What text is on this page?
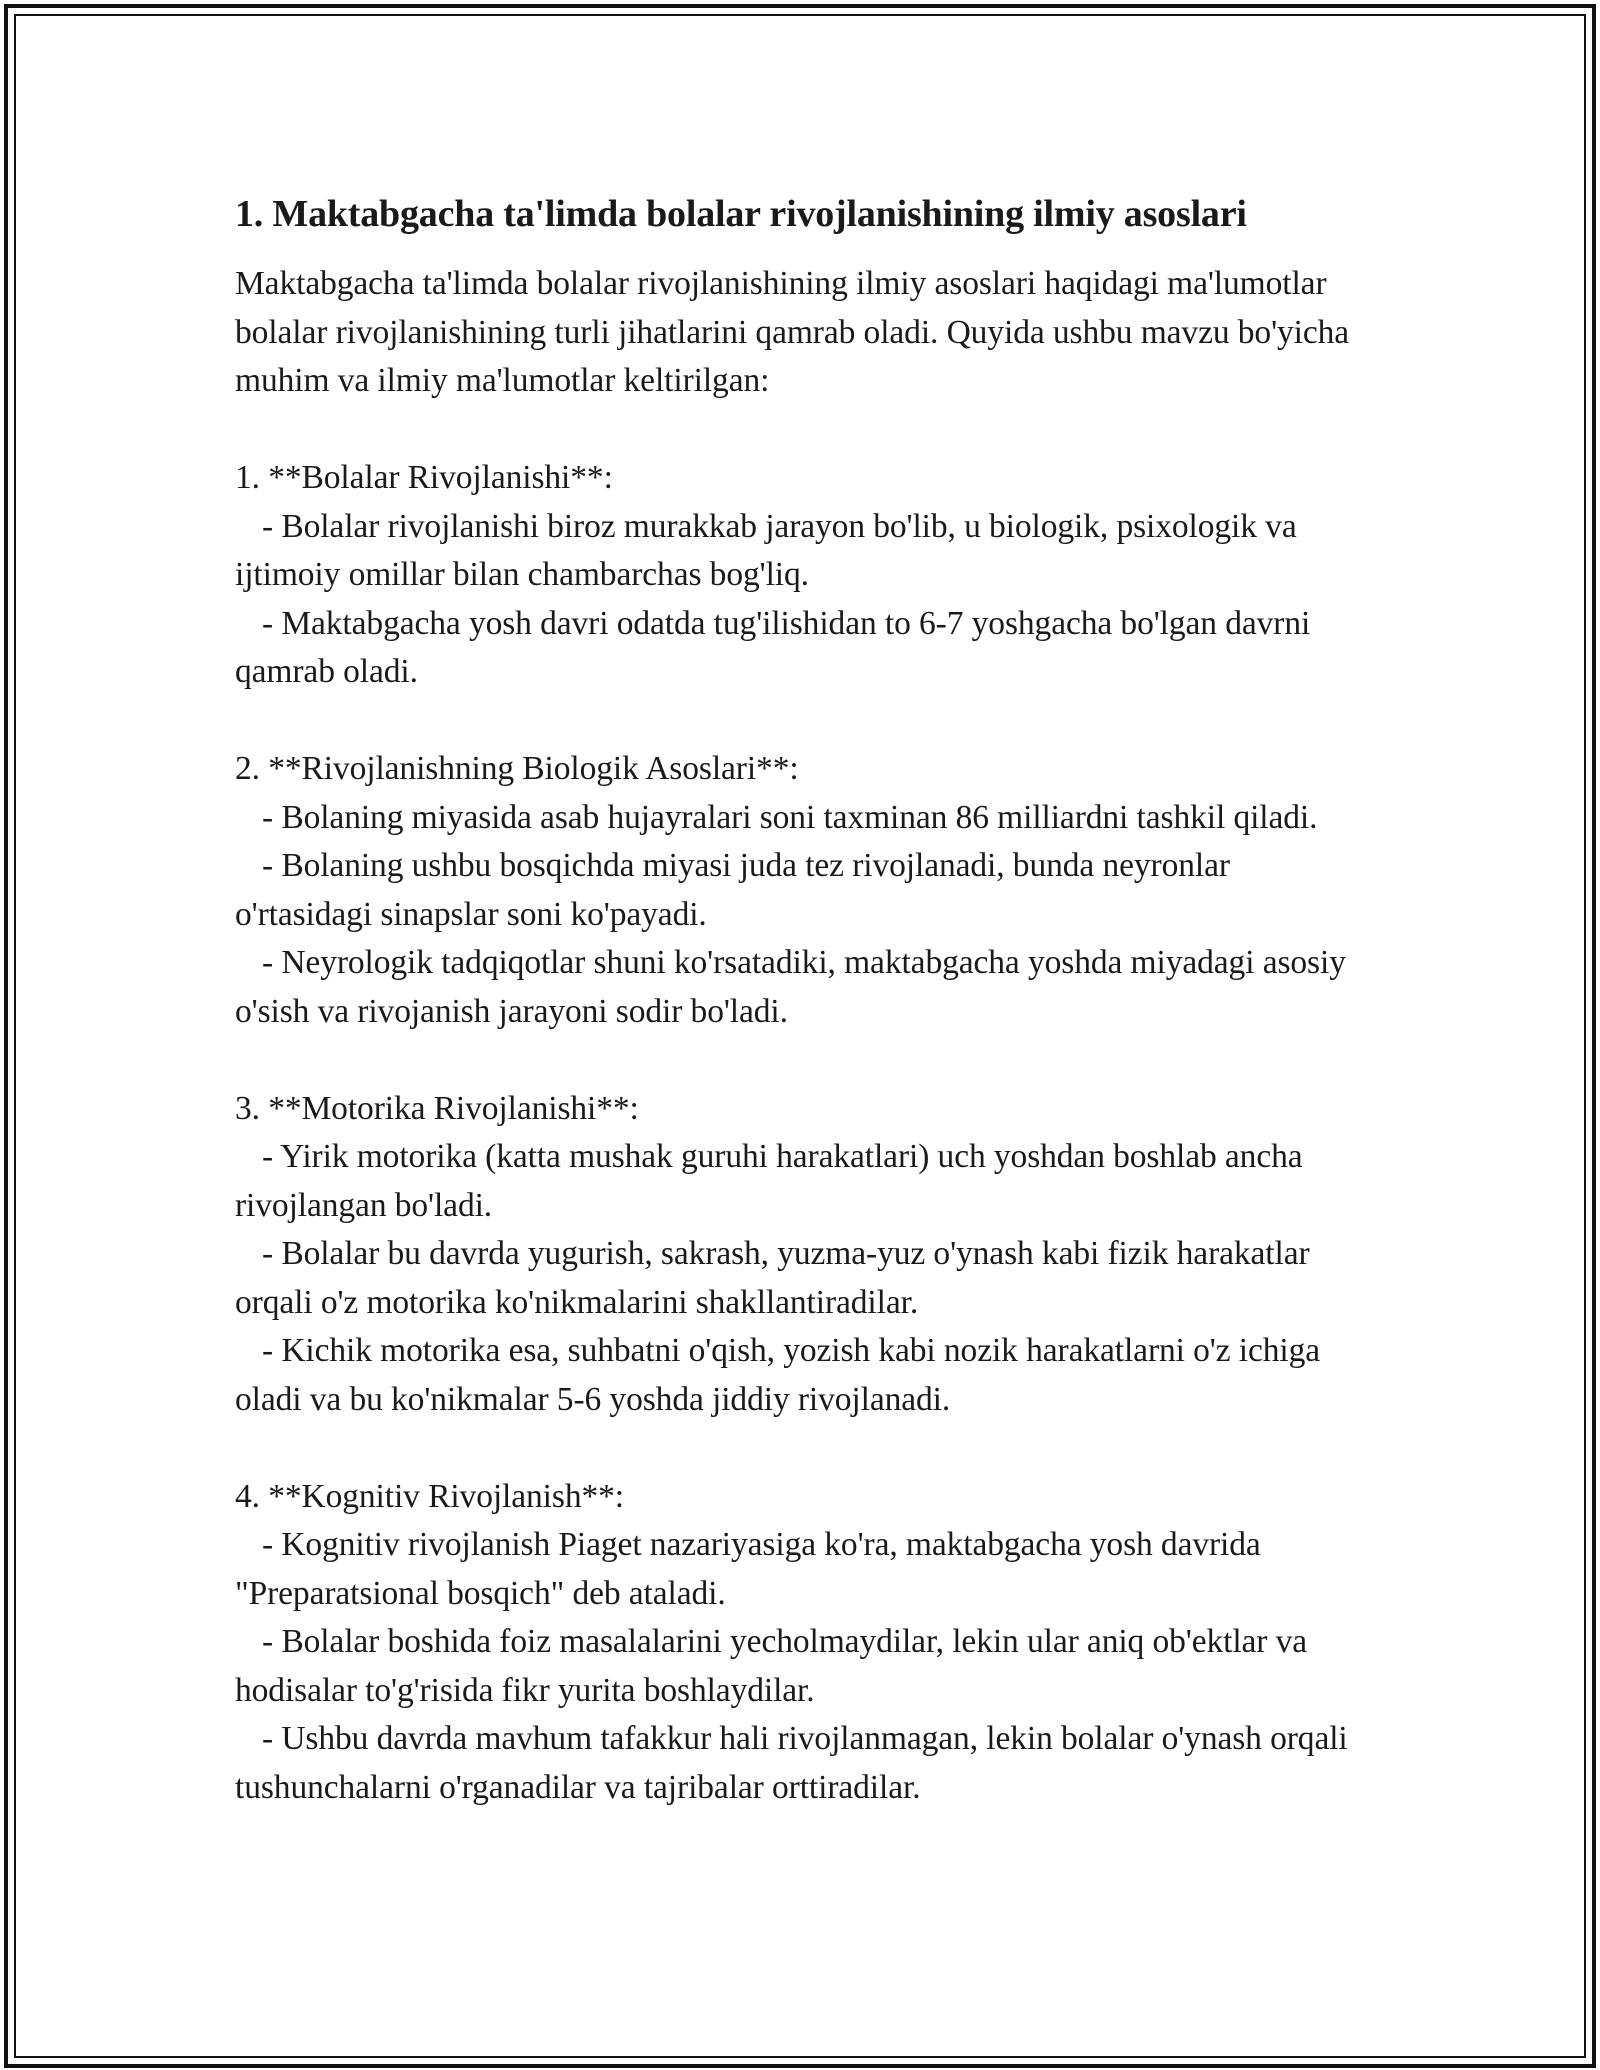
1. Maktabgacha ta'limda bolalar rivojlanishining ilmiy asoslari

Maktabgacha ta'limda bolalar rivojlanishining ilmiy asoslari haqidagi ma'lumotlar bolalar rivojlanishining turli jihatlarini qamrab oladi. Quyida ushbu mavzu bo'yicha muhim va ilmiy ma'lumotlar keltirilgan:

1. **Bolalar Rivojlanishi**:
- Bolalar rivojlanishi biroz murakkab jarayon bo'lib, u biologik, psixologik va ijtimoiy omillar bilan chambarchas bog'liq.
- Maktabgacha yosh davri odatda tug'ilishidan to 6-7 yoshgacha bo'lgan davrni qamrab oladi.
2. **Rivojlanishning Biologik Asoslari**:
- Bolaning miyasida asab hujayralari soni taxminan 86 milliardni tashkil qiladi.
- Bolaning ushbu bosqichda miyasi juda tez rivojlanadi, bunda neyronlar o'rtasidagi sinapslar soni ko'payadi.
- Neyrologik tadqiqotlar shuni ko'rsatadiki, maktabgacha yoshda miyadagi asosiy o'sish va rivojanish jarayoni sodir bo'ladi.
3. **Motorika Rivojlanishi**:
- Yirik motorika (katta mushak guruhi harakatlari) uch yoshdan boshlab ancha rivojlangan bo'ladi.
- Bolalar bu davrda yugurish, sakrash, yuzma-yuz o'ynash kabi fizik harakatlar orqali o'z motorika ko'nikmalarini shakllantiradilar.
- Kichik motorika esa, suhbatni o'qish, yozish kabi nozik harakatlarni o'z ichiga oladi va bu ko'nikmalar 5-6 yoshda jiddiy rivojlanadi.
4. **Kognitiv Rivojlanish**:
- Kognitiv rivojlanish Piaget nazariyasiga ko'ra, maktabgacha yosh davrida "Preparatsional bosqich" deb ataladi.
- Bolalar boshida foiz masalalarini yecholmaydilar, lekin ular aniq ob'ektlar va hodisalar to'g'risida fikr yurita boshlaydilar.
- Ushbu davrda mavhum tafakkur hali rivojlanmagan, lekin bolalar o'ynash orqali tushunchalarni o'rganadilar va tajribalar orttiradilar.
